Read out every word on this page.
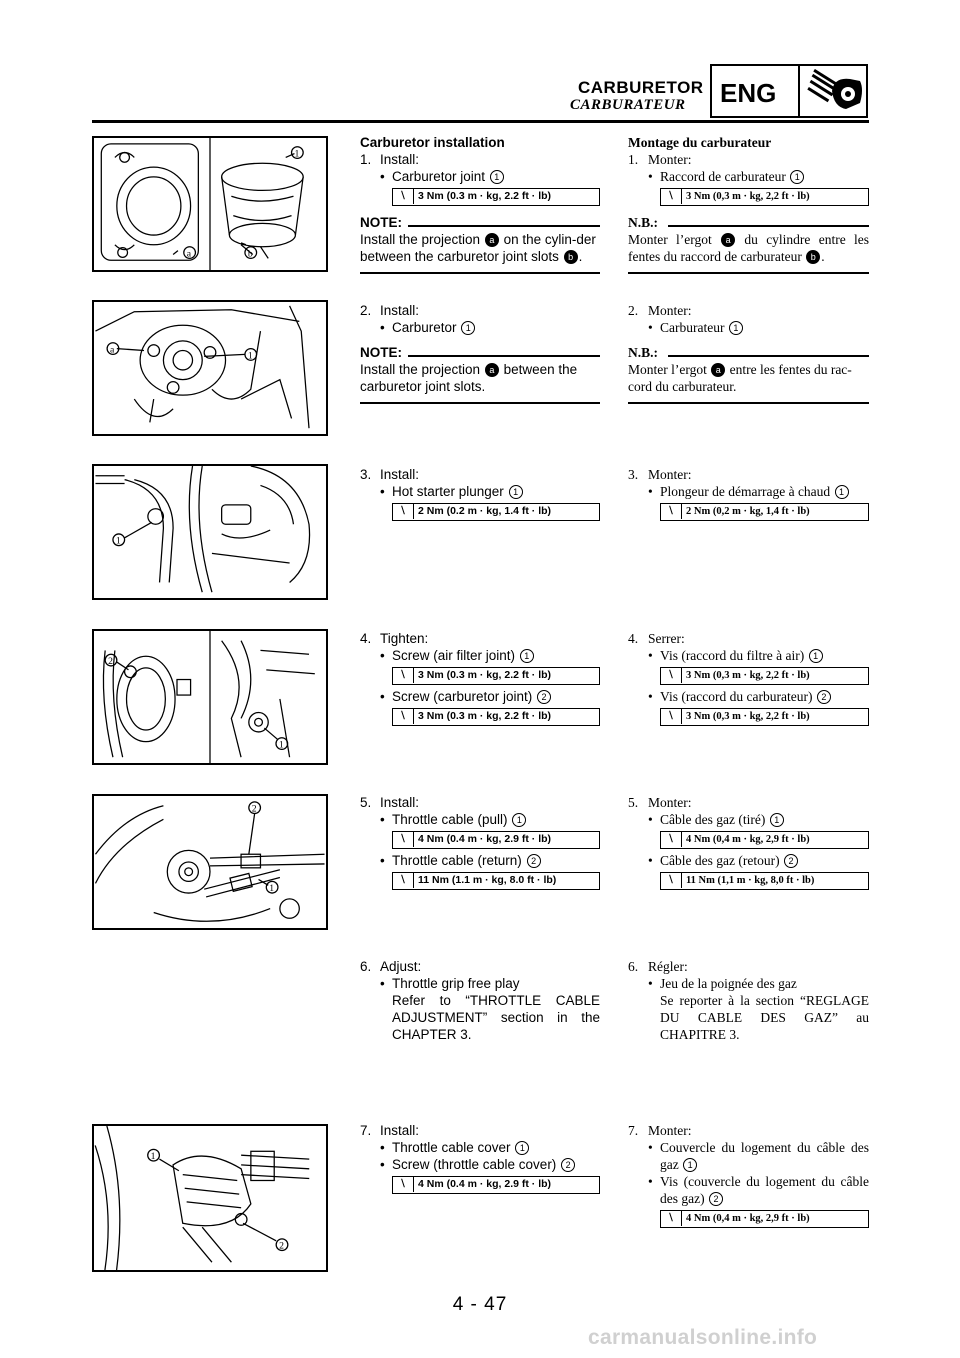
CARBURETOR
CARBURATEUR ENG
1
a	b
a
1
1
2
1
2
1
1
2
Carburetor installation
1. Install:
• Carburetor joint 1
⧵	3 Nm (0.3 m · kg, 2.2 ft · lb)
NOTE:
Install the projection a on the cylin-der between the carburetor joint slots b .
2. Install:
• Carburetor 1
NOTE:
Install the projection a between the carburetor joint slots.
3. Install:
• Hot starter plunger 1
⧵	2 Nm (0.2 m · kg, 1.4 ft · lb)
4. Tighten:
• Screw (air filter joint) 1
⧵	3 Nm (0.3 m · kg, 2.2 ft · lb)
• Screw (carburetor joint) 2
⧵	3 Nm (0.3 m · kg, 2.2 ft · lb)
5. Install:
• Throttle cable (pull) 1
⧵	4 Nm (0.4 m · kg, 2.9 ft · lb)
• Throttle cable (return) 2
⧵	11 Nm (1.1 m · kg, 8.0 ft · lb)
6. Adjust:
• Throttle grip free play
Refer to “THROTTLE CABLE ADJUSTMENT” section in the CHAPTER 3.
7. Install:
• Throttle cable cover 1
• Screw (throttle cable cover) 2
⧵	4 Nm (0.4 m · kg, 2.9 ft · lb)
Montage du carburateur
1. Monter:
• Raccord de carburateur 1
⧵	3 Nm (0,3 m · kg, 2,2 ft · lb)
N.B.:
Monter l’ergot a du cylindre entre les fentes du raccord de carburateur b .
2. Monter:
• Carburateur 1
N.B.:
Monter l’ergot a entre les fentes du rac-cord du carburateur.
3. Monter:
• Plongeur de démarrage à chaud 1
⧵	2 Nm (0,2 m · kg, 1,4 ft · lb)
4. Serrer:
• Vis (raccord du filtre à air) 1
⧵	3 Nm (0,3 m · kg, 2,2 ft · lb)
• Vis (raccord du carburateur) 2
⧵	3 Nm (0,3 m · kg, 2,2 ft · lb)
5. Monter:
• Câble des gaz (tiré) 1
⧵	4 Nm (0,4 m · kg, 2,9 ft · lb)
• Câble des gaz (retour) 2
⧵	11 Nm (1,1 m · kg, 8,0 ft · lb)
6. Régler:
• Jeu de la poignée des gaz
Se reporter à la section “REGLAGE DU CABLE DES GAZ” au CHAPITRE 3.
7. Monter:
• Couvercle du logement du câble des gaz 1
• Vis (couvercle du logement du câble des gaz) 2
⧵	4 Nm (0,4 m · kg, 2,9 ft · lb)
4 - 47
carmanualsonline.info
